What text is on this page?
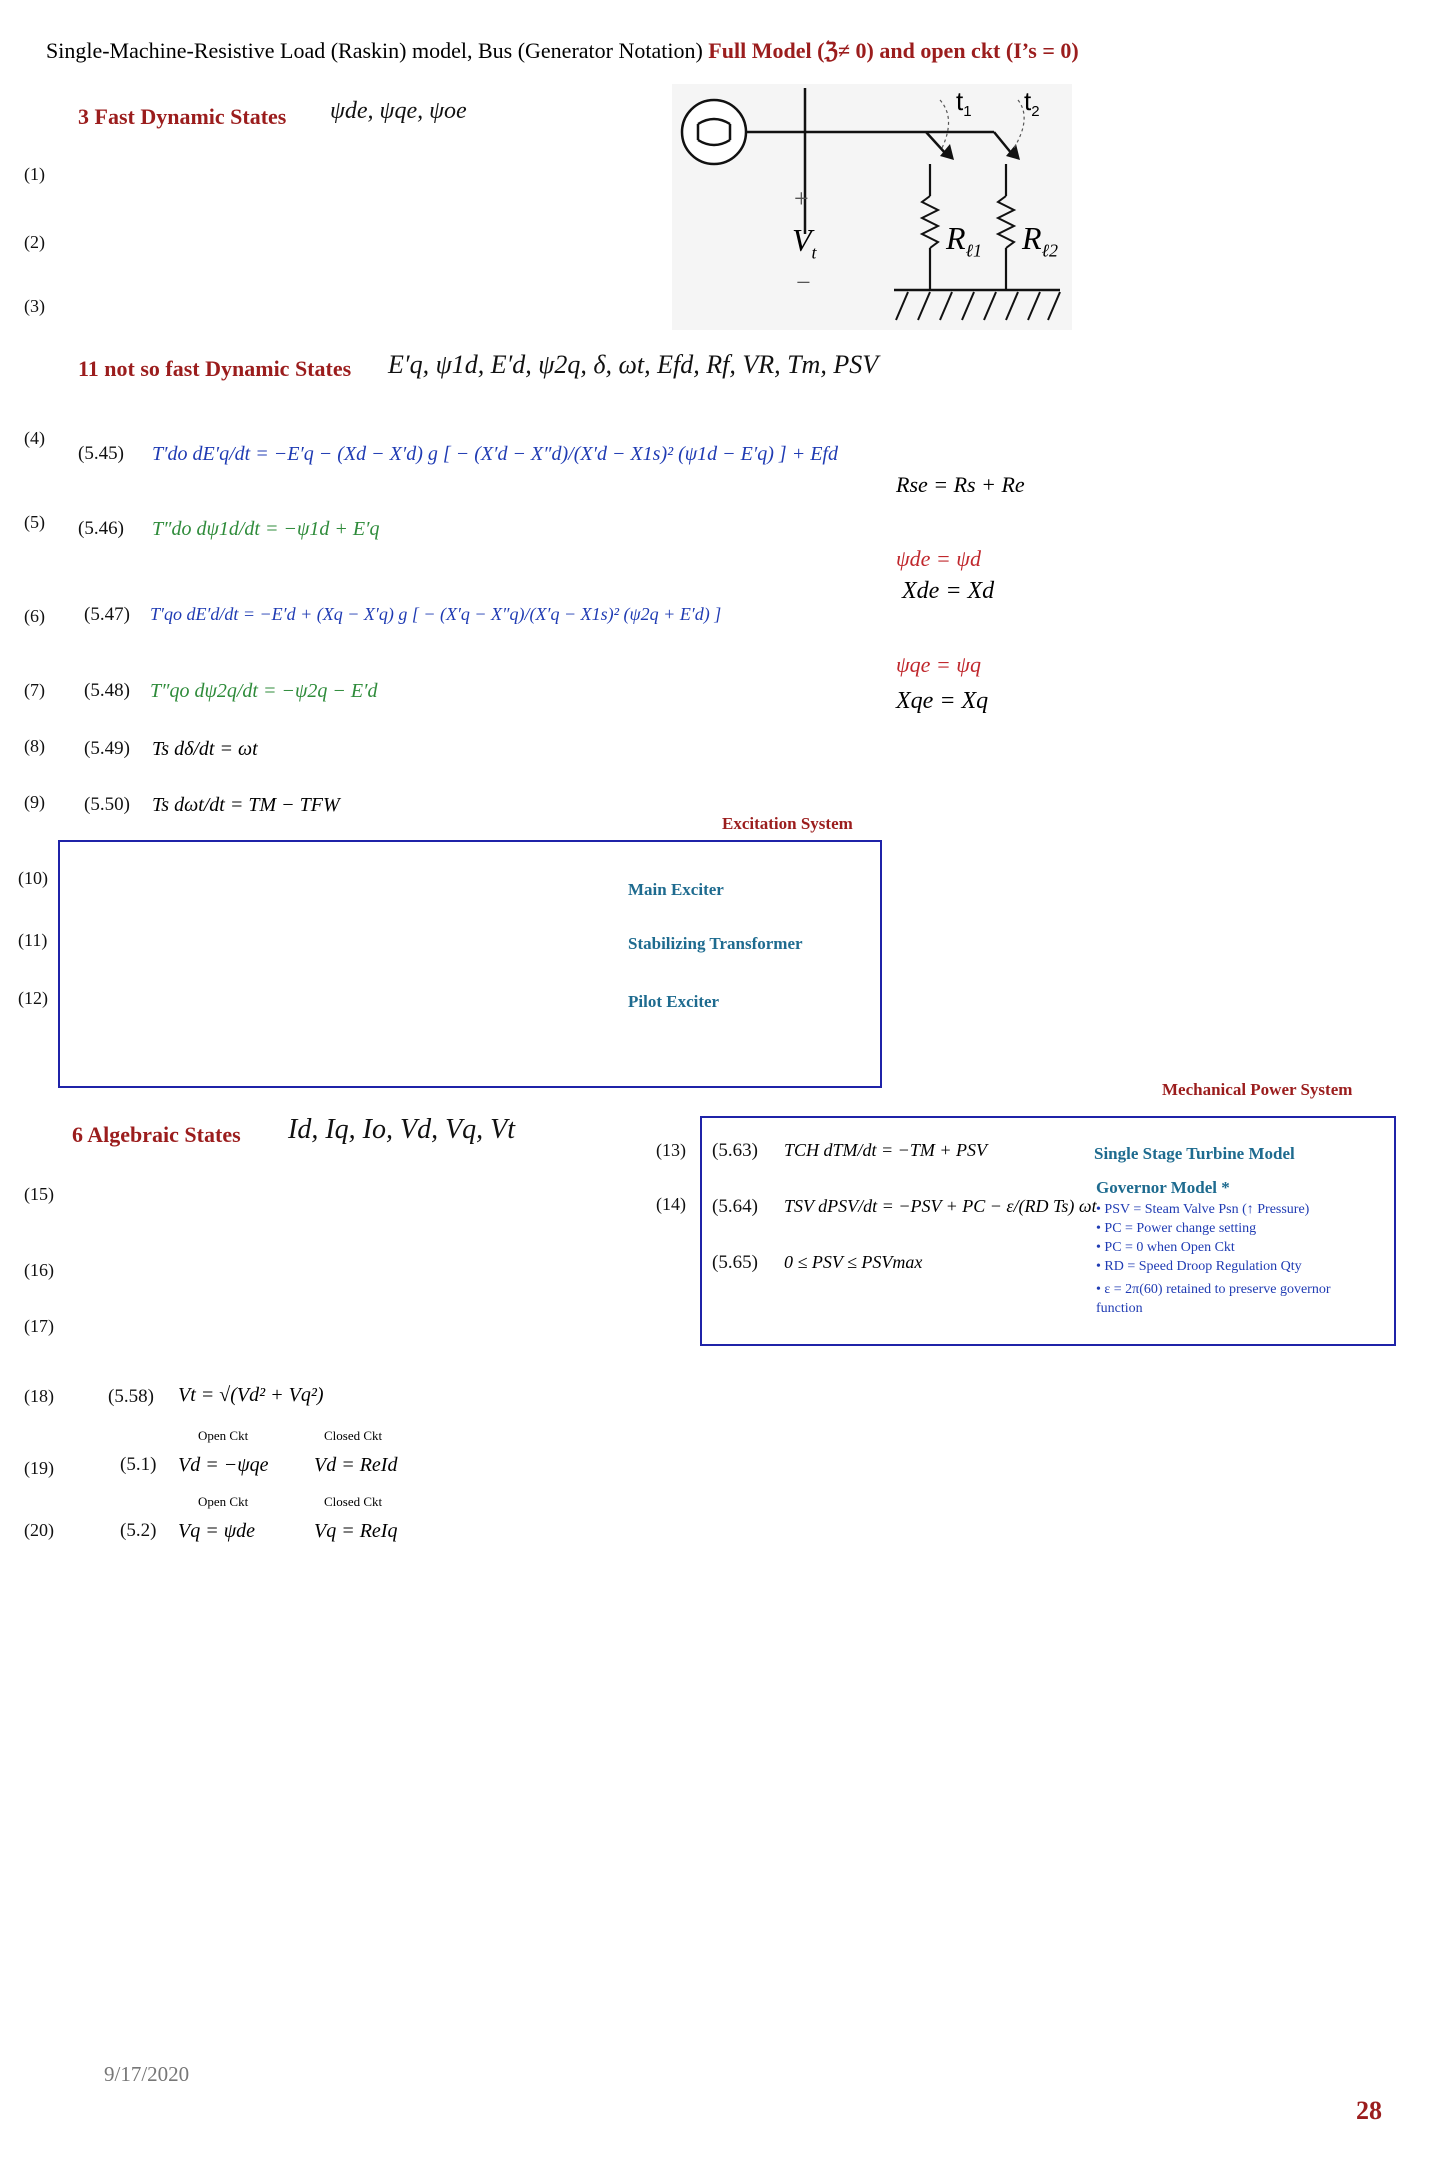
Single-Machine-Resistive Load (Raskin) model, Bus (Generator Notation) Full Model (ℨ≠ 0) and open ckt (I’s = 0)
3 Fast Dynamic States ψde, ψqe, ψoe
(1)
(2)
(3)
$t_1$ $t_2$
+
$V_t$
−
$R_{\ell 1}$ $R_{\ell 2}$
11 not so fast Dynamic States E′q, ψ1d, E′d, ψ2q, δ, ωt, Efd, Rf, VR, Tm, PSV
(4)
(5.45) T′do dE′q/dt = −E′q − (Xd − X′d) g [ − (X′d − X″d)/(X′d − X1s)² (ψ1d − E′q) ] + Efd
(5) (5.46) T″do dψ1d/dt = −ψ1d + E′q
(6) (5.47) T′qo dE′d/dt = −E′d + (Xq − X′q) g [ − (X′q − X″q)/(X′q − X1s)² (ψ2q + E′d) ]
(7) (5.48) T″qo dψ2q/dt = −ψ2q − E′d
(8) (5.49) Ts dδ/dt = ωt
(9) (5.50) Ts dωt/dt = TM − TFW
Rse = Rs + Re
ψde = ψd
Xde = Xd
ψqe = ψq
Xqe = Xq
Excitation System
(10)
(11)
(12)
Main Exciter
Stabilizing Transformer
Pilot Exciter
6 Algebraic States Id, Iq, Io, Vd, Vq, Vt
(15)
(16)
(17)
(18)	(5.58) Vt = √(Vd² + Vq²)
Open Ckt	Closed Ckt
(19)	(5.1) Vd = −ψqe Vd = ReId
Open Ckt	Closed Ckt
(20)	(5.2) Vq = ψde	Vq = ReIq
Mechanical Power System
(13) (5.63) TCH dTM/dt = −TM + PSV
(14) (5.64) TSV dPSV/dt = −PSV + PC − ε/(RD Ts) ωt
(5.65) 0 ≤ PSV ≤ PSVmax
Single Stage Turbine Model
Governor Model *
• PSV = Steam Valve Psn (↑ Pressure)
• PC = Power change setting
• PC = 0 when Open Ckt
• RD = Speed Droop Regulation Qty
• ε = 2π(60) retained to preserve governor function
9/17/2020
28
